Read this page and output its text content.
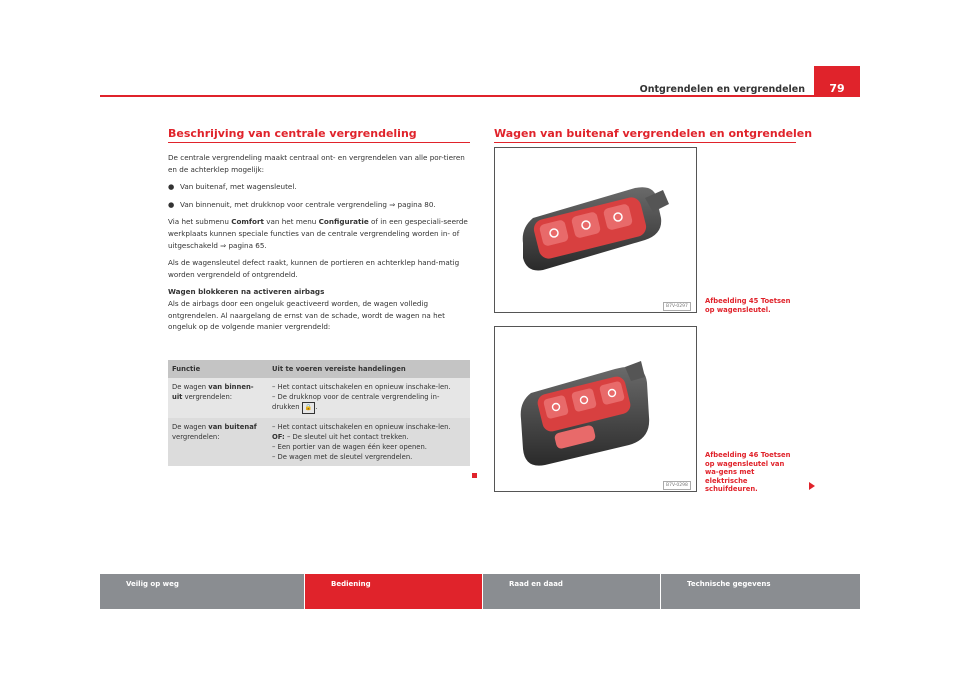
Ontgrendelen en vergrendelen	79
Beschrijving van centrale vergrendeling

De centrale vergrendeling maakt centraal ont- en vergrendelen van alle por-tieren en de achterklep mogelijk:

● Van buitenaf, met wagensleutel.
● Van binnenuit, met drukknop voor centrale vergrendeling ⇒ pagina 80.

Via het submenu Comfort van het menu Configuratie of in een gespeciali-seerde werkplaats kunnen speciale functies van de centrale vergrendeling worden in- of uitgeschakeld ⇒ pagina 65.

Als de wagensleutel defect raakt, kunnen de portieren en achterklep hand-matig worden vergrendeld of ontgrendeld.

Wagen blokkeren na activeren airbags

Als de airbags door een ongeluk geactiveerd worden, de wagen volledig ontgrendelen. Al naargelang de ernst van de schade, wordt de wagen na het ongeluk op de volgende manier vergrendeld:

Functie	Uit te voeren vereiste handelingen
De wagen van binnen-uit vergrendelen:	– Het contact uitschakelen en opnieuw inschake-len.
– De drukknop voor de centrale vergrendeling in-drukken 🔒 .

De wagen van buitenaf vergrendelen:	– Het contact uitschakelen en opnieuw inschake-len.
OF: – De sleutel uit het contact trekken.
– Een portier van de wagen één keer openen.
– De wagen met de sleutel vergrendelen.
Wagen van buitenaf vergrendelen en ontgrendelen
B7V-0297
Afbeelding 45 Toetsen op wagensleutel.
B7V-0298
Afbeelding 46 Toetsen op wagensleutel van wa-gens met elektrische schuifdeuren.
Veilig op weg	Bediening	Raad en daad	Technische gegevens
